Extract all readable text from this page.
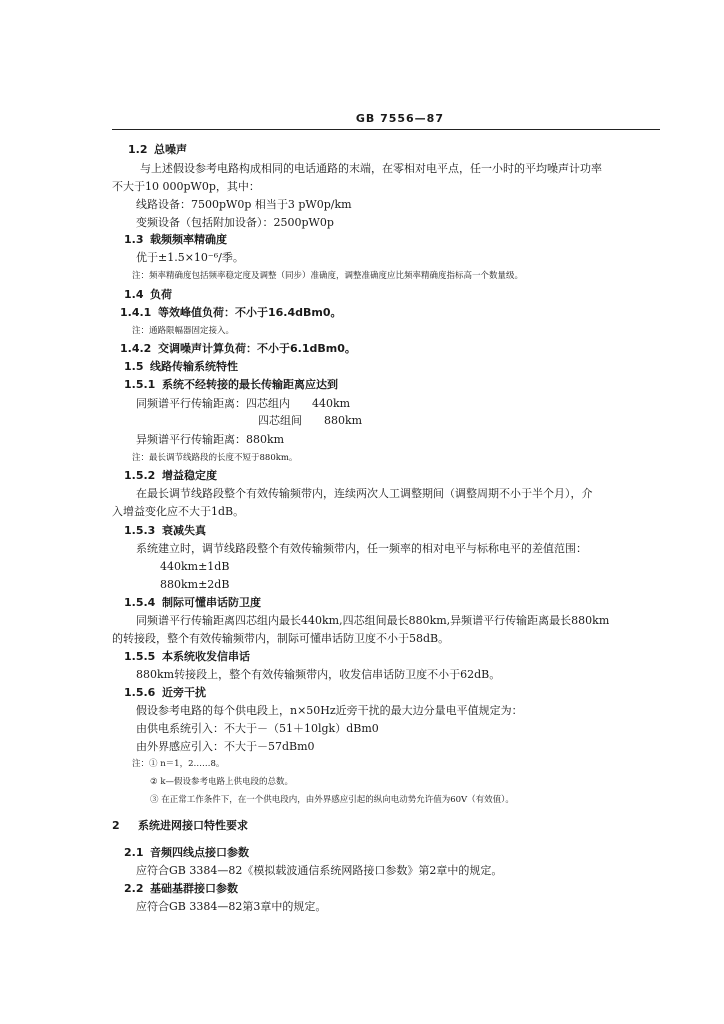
GB 7556—87
1.2 总噪声
与上述假设参考电路构成相同的电话通路的末端，在零相对电平点，任一小时的平均噪声计功率
不大于10 000pW0p，其中：
线路设备：7500pW0p 相当于3 pW0p/km
变频设备（包括附加设备）：2500pW0p
1.3 载频频率精确度
优于±1.5×10⁻⁶/季。
注：频率精确度包括频率稳定度及调整（同步）准确度，调整准确度应比频率精确度指标高一个数量级。
1.4 负荷
1.4.1 等效峰值负荷：不小于16.4dBm0。
注：通路限幅器固定接入。
1.4.2 交调噪声计算负荷：不小于6.1dBm0。
1.5 线路传输系统特性
1.5.1 系统不经转接的最长传输距离应达到
同频谱平行传输距离：四芯组内　　440km
四芯组间　　880km
异频谱平行传输距离：880km
注：最长调节线路段的长度不短于880km。
1.5.2 增益稳定度
在最长调节线路段整个有效传输频带内，连续两次人工调整期间（调整周期不小于半个月），介
入增益变化应不大于1dB。
1.5.3 衰减失真
系统建立时，调节线路段整个有效传输频带内，任一频率的相对电平与标称电平的差值范围：
440km±1dB
880km±2dB
1.5.4 制际可懂串话防卫度
同频谱平行传输距离四芯组内最长440km,四芯组间最长880km,异频谱平行传输距离最长880km
的转接段，整个有效传输频带内，制际可懂串话防卫度不小于58dB。
1.5.5 本系统收发信串话
880km转接段上，整个有效传输频带内，收发信串话防卫度不小于62dB。
1.5.6 近旁干扰
假设参考电路的每个供电段上，n×50Hz近旁干扰的最大边分量电平值规定为：
由供电系统引入：不大于－（51＋10lgk）dBm0
由外界感应引入：不大于－57dBm0
注：① n＝1，2……8。
② k—假设参考电路上供电段的总数。
③ 在正常工作条件下，在一个供电段内，由外界感应引起的纵向电动势允许值为60V（有效值）。
2 系统进网接口特性要求
2.1 音频四线点接口参数
应符合GB 3384—82《模拟载波通信系统网路接口参数》第2章中的规定。
2.2 基础基群接口参数
应符合GB 3384—82第3章中的规定。
